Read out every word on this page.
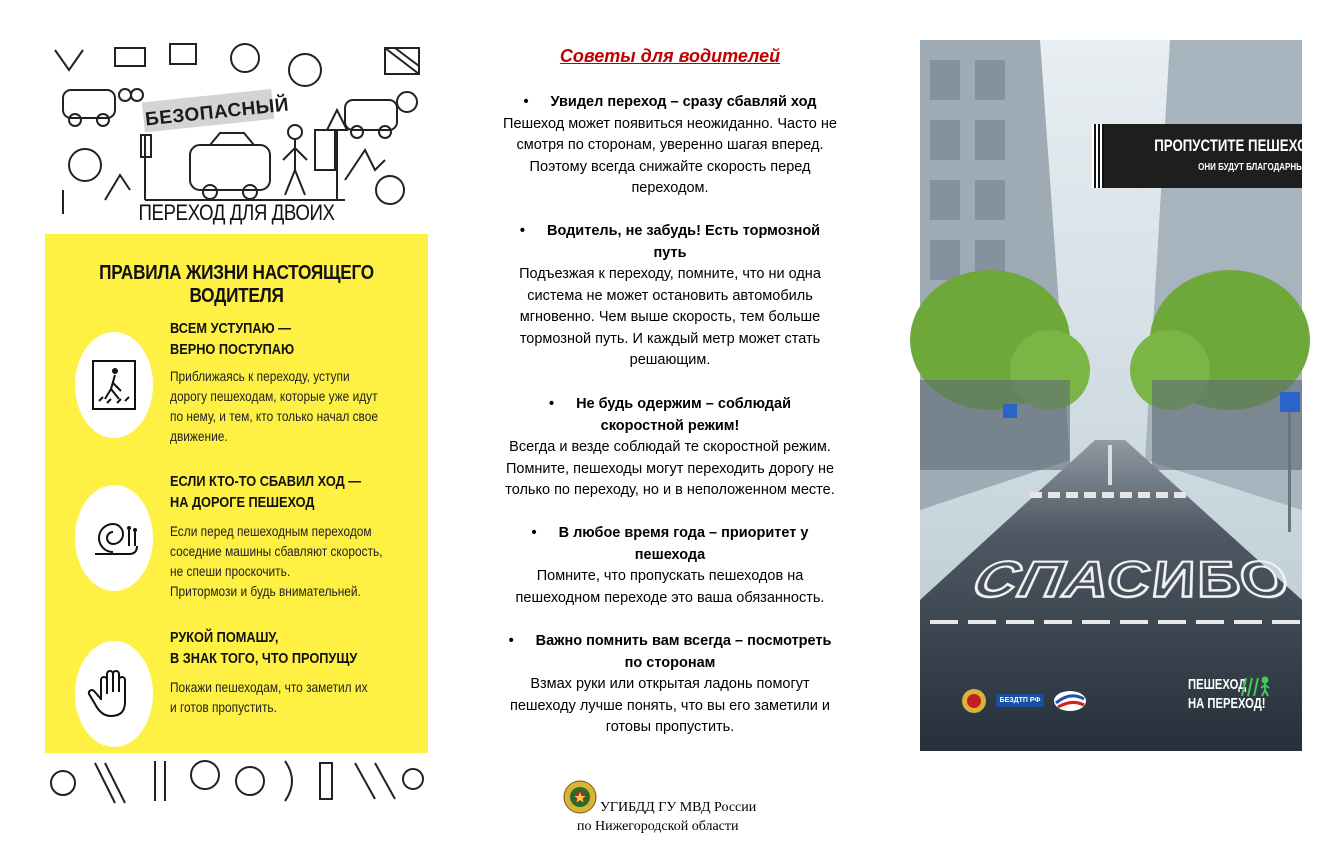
БЕЗОПАСНЫЙ
ПЕРЕХОД ДЛЯ ДВОИХ
ПРАВИЛА ЖИЗНИ НАСТОЯЩЕГО ВОДИТЕЛЯ
ВСЕМ УСТУПАЮ —
ВЕРНО ПОСТУПАЮ
Приближаясь к переходу, уступи
дорогу пешеходам, которые уже идут
по нему, и тем, кто только начал свое
движение.
ЕСЛИ КТО-ТО СБАВИЛ ХОД —
НА ДОРОГЕ ПЕШЕХОД
Если перед пешеходным переходом
соседние машины сбавляют скорость,
не спеши проскочить.
Притормози и будь внимательней.
РУКОЙ ПОМАШУ,
В ЗНАК ТОГО, ЧТО ПРОПУЩУ
Покажи пешеходам, что заметил их
и готов пропустить.
Советы для водителей

• Увидел переход – сразу сбавляй ход

Пешеход может появиться неожиданно. Часто не

смотря по сторонам, уверенно шагая вперед.

Поэтому всегда снижайте скорость перед

переходом.

• Водитель, не забудь! Есть тормозной

путь

Подъезжая к переходу, помните, что ни одна

система не может остановить автомобиль

мгновенно. Чем выше скорость, тем больше

тормозной путь. И каждый метр может стать

решающим.

• Не будь одержим – соблюдай

скоростной режим!

Всегда и везде соблюдай те скоростной режим.

Помните, пешеходы могут переходить дорогу не

только по переходу, но и в неположенном месте.

• В любое время года – приоритет у

пешехода

Помните, что пропускать пешеходов на

пешеходном переходе это ваша обязанность.

• Важно помнить вам всегда – посмотреть

по сторонам

Взмах руки или открытая ладонь помогут

пешеходу лучше понять, что вы его заметили и

готовы пропустить.

УГИБДД ГУ МВД России
по Нижегородской области
ПРОПУСТИТЕ ПЕШЕХОДОВ!
ОНИ БУДУТ БЛАГОДАРНЫ
СПАСИБО
БЕЗДТП РФ
ПЕШЕХОД
НА ПЕРЕХОД!
